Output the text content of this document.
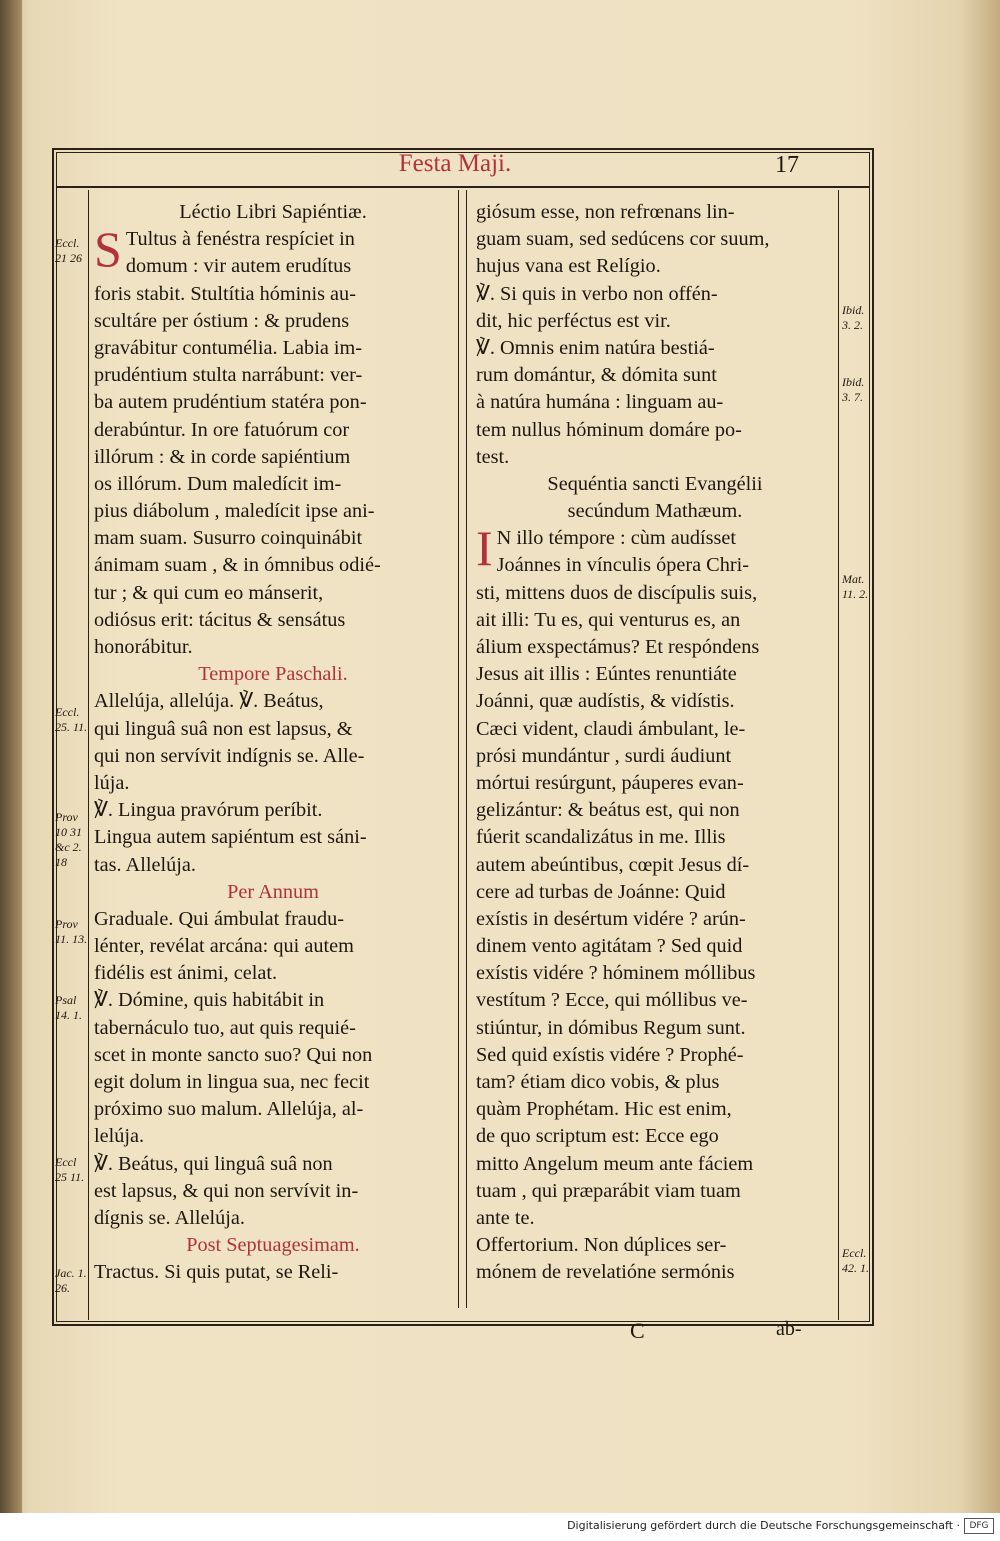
Festa Maji.	17
Léctio Libri Sapiéntiæ.
S Tultus à fenéstra respíciet in
domum : vir autem erudítus
foris stabit. Stultítia hóminis au-
scultáre per óstium : & prudens
gravábitur contumélia. Labia im-
prudéntium stulta narrábunt: ver-
ba autem prudéntium statéra pon-
derabúntur. In ore fatuórum cor
illórum : & in corde sapiéntium
os illórum. Dum maledícit im-
pius diábolum , maledícit ipse ani-
mam suam. Susurro coinquinábit
ánimam suam , & in ómnibus odié-
tur ; & qui cum eo mánserit,
odiósus erit: tácitus & sensátus
honorábitur.
Tempore Paschali.
Allelúja, allelúja. ℣. Beátus,
qui linguâ suâ non est lapsus, &
qui non servívit indígnis se. Alle-
lúja.
℣. Lingua pravórum períbit.
Lingua autem sapiéntum est sáni-
tas. Allelúja.
Per Annum
Graduale. Qui ámbulat fraudu-
lénter, revélat arcána: qui autem
fidélis est ánimi, celat.
℣. Dómine, quis habitábit in
tabernáculo tuo, aut quis requié-
scet in monte sancto suo? Qui non
egit dolum in lingua sua, nec fecit
próximo suo malum. Allelúja, al-
lelúja.
℣. Beátus, qui linguâ suâ non
est lapsus, & qui non servívit in-
dígnis se. Allelúja.
Post Septuagesimam.
Tractus. Si quis putat, se Reli-
giósum esse, non refrœnans lin-
guam suam, sed sedúcens cor suum,
hujus vana est Relígio.
℣. Si quis in verbo non offén-
dit, hic perféctus est vir.
℣. Omnis enim natúra bestiá-
rum domántur, & dómita sunt
à natúra humána : linguam au-
tem nullus hóminum domáre po-
test.
Sequéntia sancti Evangélii
secúndum Mathæum.
I N illo témpore : cùm audísset
Joánnes in vínculis ópera Chri-
sti, mittens duos de discípulis suis,
ait illi: Tu es, qui venturus es, an
álium exspectámus? Et respóndens
Jesus ait illis : Eúntes renuntiáte
Joánni, quæ audístis, & vidístis.
Cæci vident, claudi ámbulant, le-
prósi mundántur , surdi áudiunt
mórtui resúrgunt, páuperes evan-
gelizántur: & beátus est, qui non
fúerit scandalizátus in me. Illis
autem abeúntibus, cœpit Jesus dí-
cere ad turbas de Joánne: Quid
exístis in desértum vidére ? arún-
dinem vento agitátam ? Sed quid
exístis vidére ? hóminem móllibus
vestítum ? Ecce, qui móllibus ve-
stiúntur, in dómibus Regum sunt.
Sed quid exístis vidére ? Prophé-
tam? étiam dico vobis, & plus
quàm Prophétam. Hic est enim,
de quo scriptum est: Ecce ego
mitto Angelum meum ante fáciem
tuam , qui præparábit viam tuam
ante te.
Offertorium. Non dúplices ser-
mónem de revelatióne sermónis
Eccl. 21 26
Eccl. 25. 11.
Prov 10 31 &c 2. 18
Prov 11. 13.
Psal 14. 1.
Eccl 25 11.
Jac. 1. 26.
Ibid. 3. 2.
Ibid. 3. 7.
Mat. 11. 2.
Eccl. 42. 1.
C	ab-
Digitalisierung gefördert durch die Deutsche Forschungsgemeinschaft ·	DFG
